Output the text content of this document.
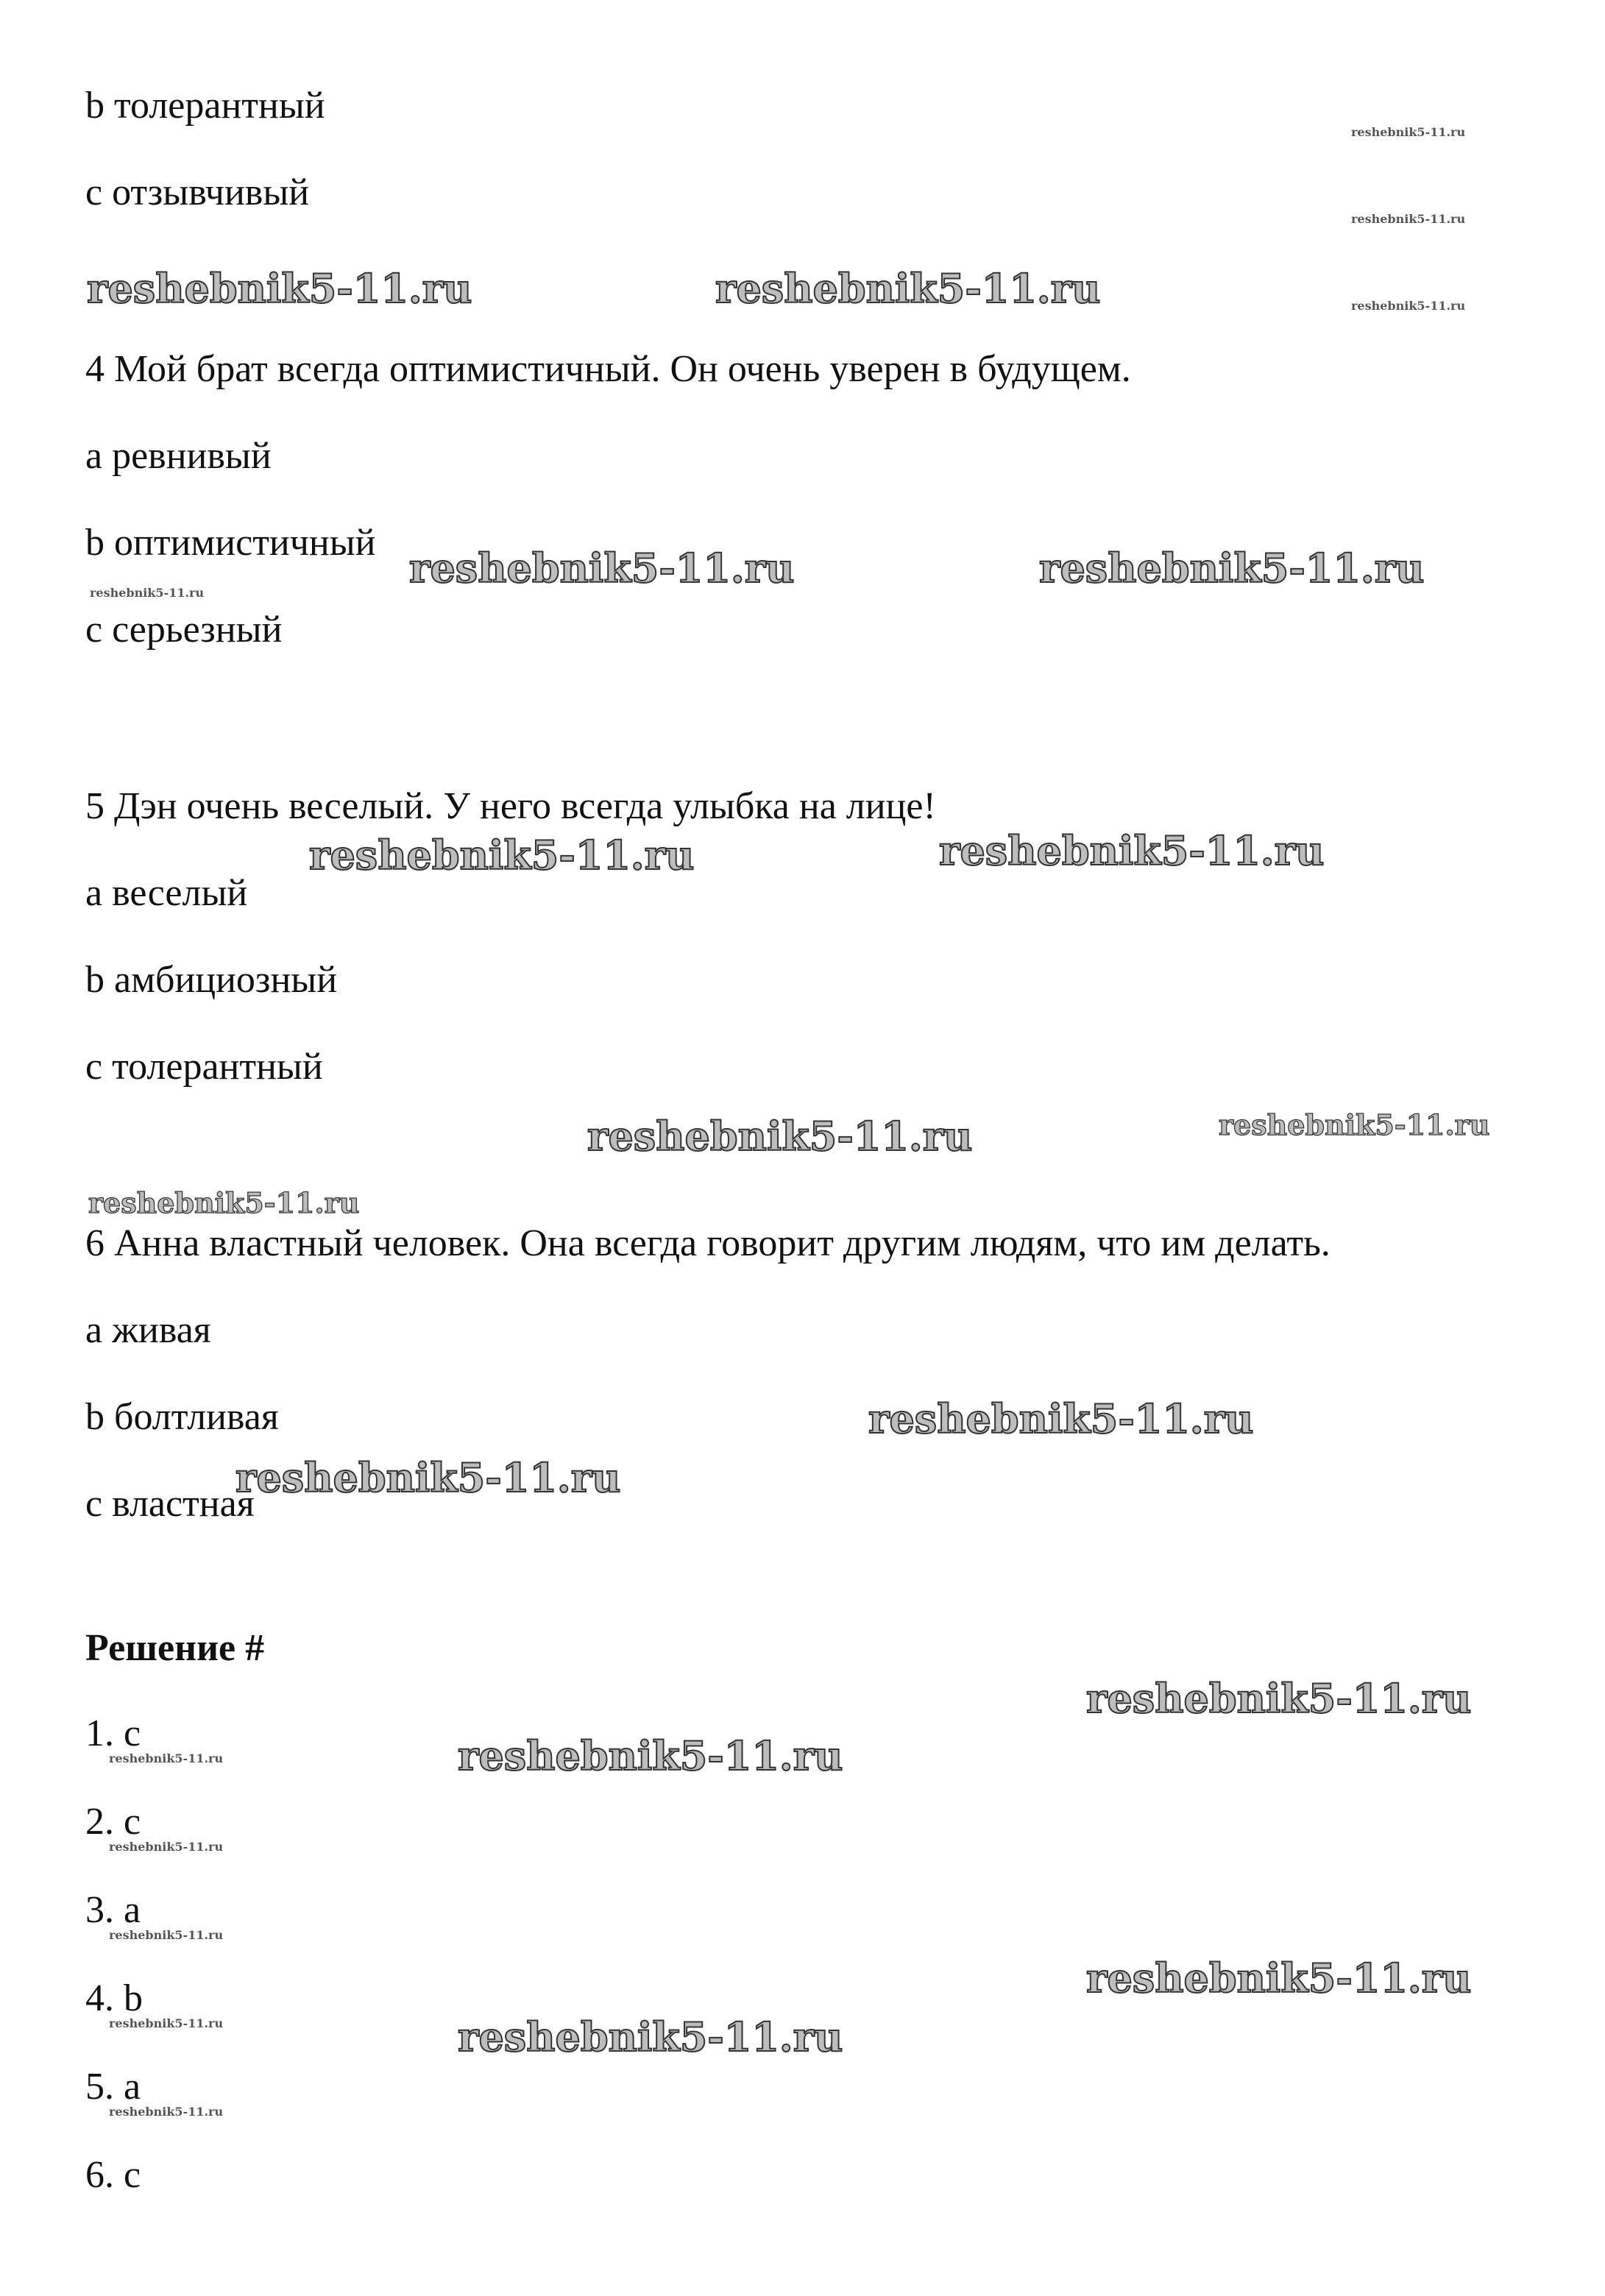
b толерантный
c отзывчивый
4 Мой брат всегда оптимистичный. Он очень уверен в будущем.
a ревнивый
b оптимистичный
c серьезный
5 Дэн очень веселый. У него всегда улыбка на лице!
a веселый
b амбициозный
c толерантный
6 Анна властный человек. Она всегда говорит другим людям, что им делать.
a живая
b болтливая
c властная
Решение #
1. c
2. c
3. a
4. b
5. a
6. c
reshebnik5-11.ru	reshebnik5-11.ru
reshebnik5-11.ru
reshebnik5-11.ru
reshebnik5-11.ru
reshebnik5-11.ru	reshebnik5-11.ru
reshebnik5-11.ru
reshebnik5-11.ru	reshebnik5-11.ru
reshebnik5-11.ru	reshebnik5-11.ru
reshebnik5-11.ru
reshebnik5-11.ru
reshebnik5-11.ru
reshebnik5-11.ru
reshebnik5-11.ru
reshebnik5-11.ru
reshebnik5-11.ru
reshebnik5-11.ru
reshebnik5-11.ru
reshebnik5-11.ru	reshebnik5-11.ru
reshebnik5-11.ru
